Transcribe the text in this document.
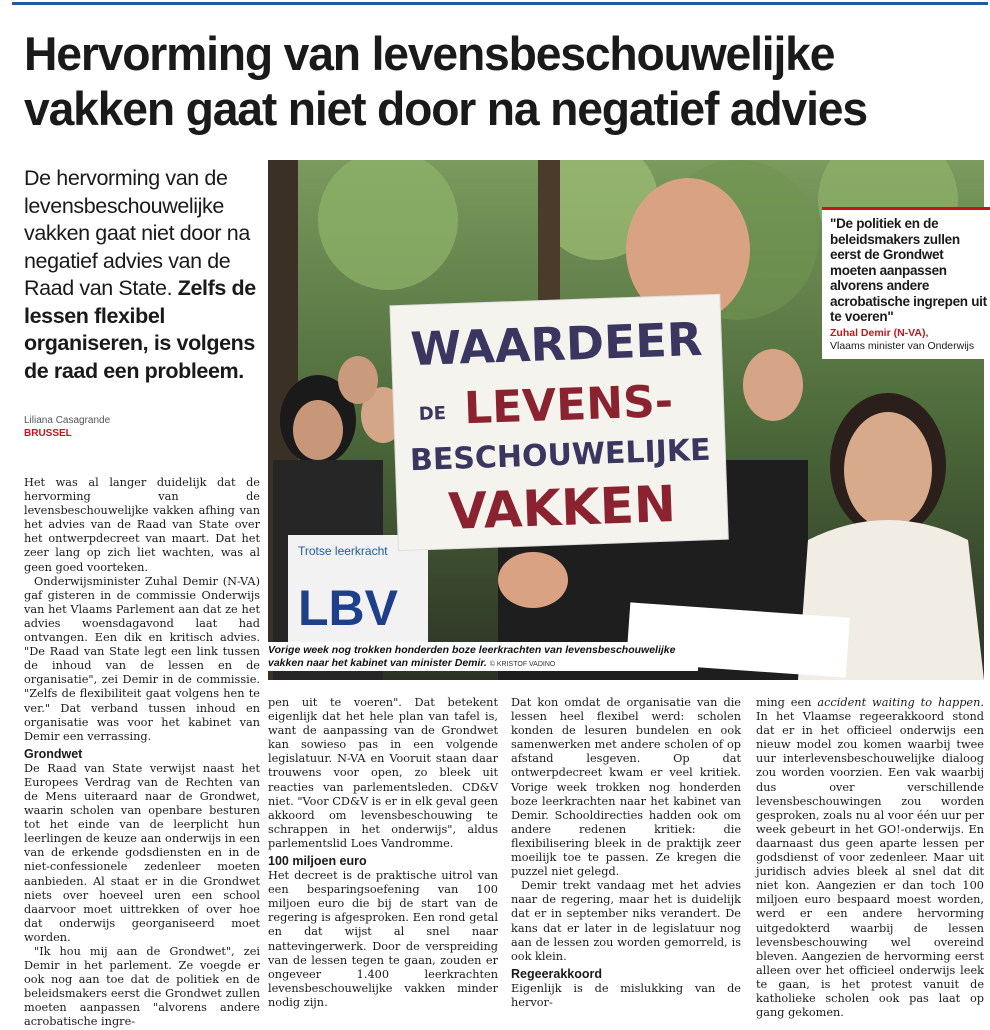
Hervorming van levensbeschouwelijke
vakken gaat niet door na negatief advies
De hervorming van de levensbeschouwelijke vakken gaat niet door na negatief advies van de Raad van State. Zelfs de lessen flexibel organiseren, is volgens de raad een probleem.
Liliana Casagrande
BRUSSEL
Trotse leerkracht
LBV
WAARDEER
DE LEVENS-
BESCHOUWELIJKE
VAKKEN
"De politiek en de beleidsmakers zullen eerst de Grondwet moeten aanpassen alvorens andere acrobatische ingrepen uit te voeren"
Zuhal Demir (N-VA),
Vlaams minister van Onderwijs
Vorige week nog trokken honderden boze leerkrachten van levensbeschouwelijke vakken naar het kabinet van minister Demir. © KRISTOF VADINO

Het was al langer duidelijk dat de hervorming van de levensbeschouwelijke vakken afhing van het advies van de Raad van State over het ontwerpdecreet van maart. Dat het zeer lang op zich liet wachten, was al geen goed voorteken.

Onderwijsminister Zuhal Demir (N-VA) gaf gisteren in de commissie Onderwijs van het Vlaams Parlement aan dat ze het advies woensdagavond laat had ontvangen. Een dik en kritisch advies. "De Raad van State legt een link tussen de inhoud van de lessen en de organisatie", zei Demir in de commissie. "Zelfs de flexibiliteit gaat volgens hen te ver." Dat verband tussen inhoud en organisatie was voor het kabinet van Demir een verrassing.

Grondwet

De Raad van State verwijst naast het Europees Verdrag van de Rechten van de Mens uiteraard naar de Grondwet, waarin scholen van openbare besturen tot het einde van de leerplicht hun leerlingen de keuze aan onderwijs in een van de erkende godsdiensten en in de niet-confessionele zedenleer moeten aanbieden. Al staat er in die Grondwet niets over hoeveel uren een school daarvoor moet uittrekken of over hoe dat onderwijs georganiseerd moet worden.

"Ik hou mij aan de Grondwet", zei Demir in het parlement. Ze voegde er ook nog aan toe dat de politiek en de beleidsmakers eerst die Grondwet zullen moeten aanpassen "alvorens andere acrobatische ingre-

pen uit te voeren". Dat betekent eigenlijk dat het hele plan van tafel is, want de aanpassing van de Grondwet kan sowieso pas in een volgende legislatuur. N-VA en Vooruit staan daar trouwens voor open, zo bleek uit reacties van parlementsleden. CD&V niet. "Voor CD&V is er in elk geval geen akkoord om levensbeschouwing te schrappen in het onderwijs", aldus parlementslid Loes Vandromme.

100 miljoen euro

Het decreet is de praktische uitrol van een besparingsoefening van 100 miljoen euro die bij de start van de regering is afgesproken. Een rond getal en dat wijst al snel naar nattevingerwerk. Door de verspreiding van de lessen tegen te gaan, zouden er ongeveer 1.400 leerkrachten levensbeschouwelijke vakken minder nodig zijn.

Dat kon omdat de organisatie van die lessen heel flexibel werd: scholen konden de lesuren bundelen en ook samenwerken met andere scholen of op afstand lesgeven. Op dat ontwerpdecreet kwam er veel kritiek. Vorige week trokken nog honderden boze leerkrachten naar het kabinet van Demir. Schooldirecties hadden ook om andere redenen kritiek: die flexibilisering bleek in de praktijk zeer moeilijk toe te passen. Ze kregen die puzzel niet gelegd.

Demir trekt vandaag met het advies naar de regering, maar het is duidelijk dat er in september niks verandert. De kans dat er later in de legislatuur nog aan de lessen zou worden gemorreld, is ook klein.

Regeerakkoord

Eigenlijk is de mislukking van de hervor-

ming een accident waiting to happen. In het Vlaamse regeerakkoord stond dat er in het officieel onderwijs een nieuw model zou komen waarbij twee uur interlevensbeschouwelijke dialoog zou worden voorzien. Een vak waarbij dus over verschillende levensbeschouwingen zou worden gesproken, zoals nu al voor één uur per week gebeurt in het GO!-onderwijs. En daarnaast dus geen aparte lessen per godsdienst of voor zedenleer. Maar uit juridisch advies bleek al snel dat dit niet kon. Aangezien er dan toch 100 miljoen euro bespaard moest worden, werd er een andere hervorming uitgedokterd waarbij de lessen levensbeschouwing wel overeind bleven. Aangezien de hervorming eerst alleen over het officieel onderwijs leek te gaan, is het protest vanuit de katholieke scholen ook pas laat op gang gekomen.
